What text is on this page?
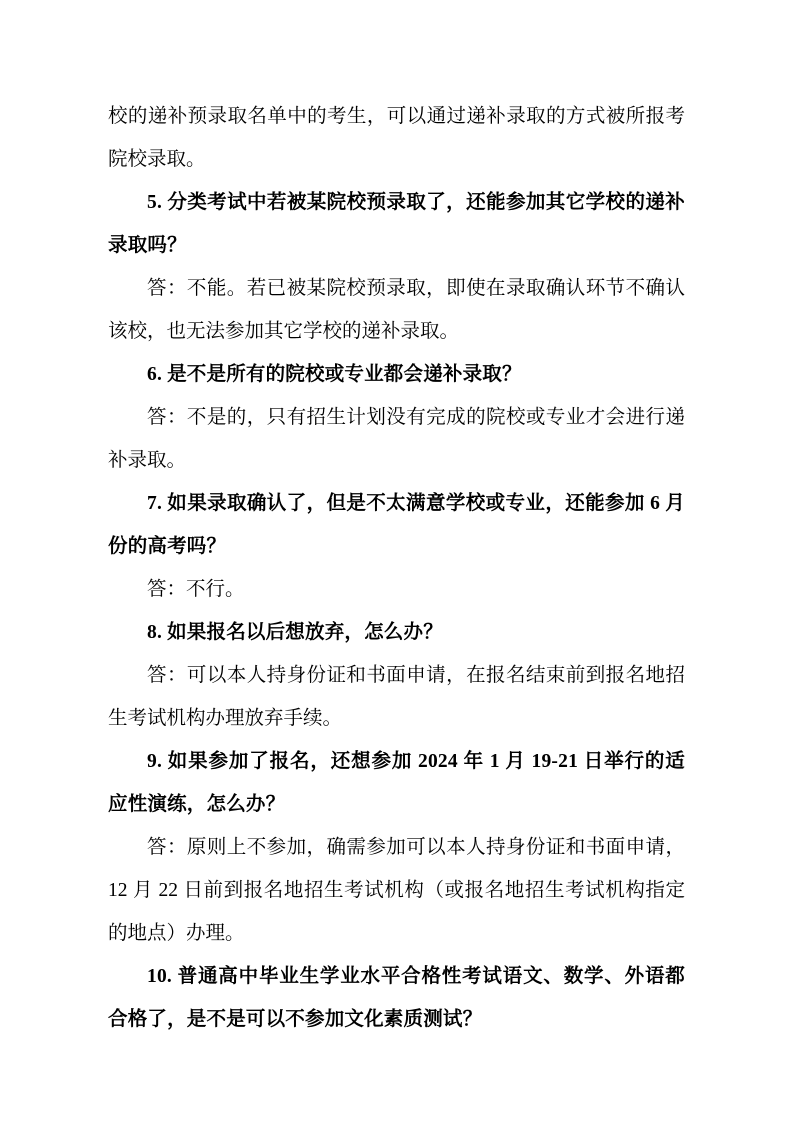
校的递补预录取名单中的考生，可以通过递补录取的方式被所报考院校录取。

5. 分类考试中若被某院校预录取了，还能参加其它学校的递补录取吗？

答：不能。若已被某院校预录取，即使在录取确认环节不确认该校，也无法参加其它学校的递补录取。

6. 是不是所有的院校或专业都会递补录取？

答：不是的，只有招生计划没有完成的院校或专业才会进行递补录取。

7. 如果录取确认了，但是不太满意学校或专业，还能参加 6 月份的高考吗？

答：不行。

8. 如果报名以后想放弃，怎么办？

答：可以本人持身份证和书面申请，在报名结束前到报名地招生考试机构办理放弃手续。

9. 如果参加了报名，还想参加 2024 年 1 月 19-21 日举行的适应性演练，怎么办？

答：原则上不参加，确需参加可以本人持身份证和书面申请，12 月 22 日前到报名地招生考试机构（或报名地招生考试机构指定的地点）办理。

10. 普通高中毕业生学业水平合格性考试语文、数学、外语都合格了，是不是可以不参加文化素质测试？
